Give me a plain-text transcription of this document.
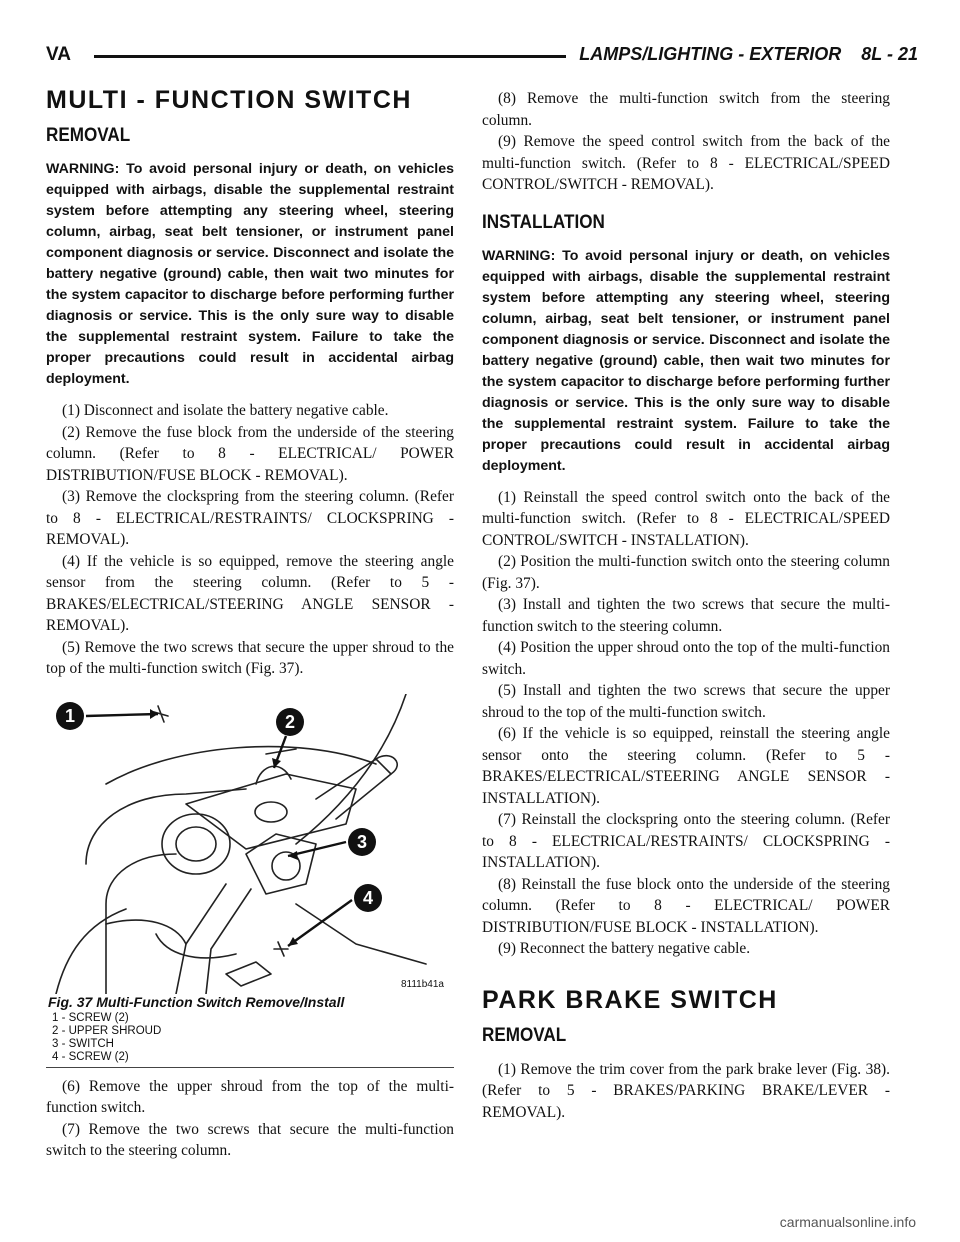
VA	LAMPS/LIGHTING - EXTERIOR    8L - 21
MULTI - FUNCTION SWITCH
REMOVAL

WARNING: To avoid personal injury or death, on vehicles equipped with airbags, disable the supplemental restraint system before attempting any steering wheel, steering column, airbag, seat belt tensioner, or instrument panel component diagnosis or service. Disconnect and isolate the battery negative (ground) cable, then wait two minutes for the system capacitor to discharge before performing further diagnosis or service. This is the only sure way to disable the supplemental restraint system. Failure to take the proper precautions could result in accidental airbag deployment.

(1) Disconnect and isolate the battery negative cable.

(2) Remove the fuse block from the underside of the steering column. (Refer to 8 - ELECTRICAL/ POWER DISTRIBUTION/FUSE BLOCK - REMOVAL).

(3) Remove the clockspring from the steering column. (Refer to 8 - ELECTRICAL/RESTRAINTS/ CLOCKSPRING - REMOVAL).

(4) If the vehicle is so equipped, remove the steering angle sensor from the steering column. (Refer to 5 - BRAKES/ELECTRICAL/STEERING ANGLE SENSOR - REMOVAL).

(5) Remove the two screws that secure the upper shroud to the top of the multi-function switch (Fig. 37).

1	2
3
4
8111b41a
Fig. 37 Multi-Function Switch Remove/Install
1 - SCREW (2)
2 - UPPER SHROUD
3 - SWITCH
4 - SCREW (2)

(6) Remove the upper shroud from the top of the multi-function switch.

(7) Remove the two screws that secure the multi-function switch to the steering column.

(8) Remove the multi-function switch from the steering column.

(9) Remove the speed control switch from the back of the multi-function switch. (Refer to 8 - ELECTRICAL/SPEED CONTROL/SWITCH - REMOVAL).

INSTALLATION

WARNING: To avoid personal injury or death, on vehicles equipped with airbags, disable the supplemental restraint system before attempting any steering wheel, steering column, airbag, seat belt tensioner, or instrument panel component diagnosis or service. Disconnect and isolate the battery negative (ground) cable, then wait two minutes for the system capacitor to discharge before performing further diagnosis or service. This is the only sure way to disable the supplemental restraint system. Failure to take the proper precautions could result in accidental airbag deployment.

(1) Reinstall the speed control switch onto the back of the multi-function switch. (Refer to 8 - ELECTRICAL/SPEED CONTROL/SWITCH - INSTALLATION).

(2) Position the multi-function switch onto the steering column (Fig. 37).

(3) Install and tighten the two screws that secure the multi-function switch to the steering column.

(4) Position the upper shroud onto the top of the multi-function switch.

(5) Install and tighten the two screws that secure the upper shroud to the top of the multi-function switch.

(6) If the vehicle is so equipped, reinstall the steering angle sensor onto the steering column. (Refer to 5 - BRAKES/ELECTRICAL/STEERING ANGLE SENSOR - INSTALLATION).

(7) Reinstall the clockspring onto the steering column. (Refer to 8 - ELECTRICAL/RESTRAINTS/ CLOCKSPRING - INSTALLATION).

(8) Reinstall the fuse block onto the underside of the steering column. (Refer to 8 - ELECTRICAL/ POWER DISTRIBUTION/FUSE BLOCK - INSTALLATION).

(9) Reconnect the battery negative cable.

PARK BRAKE SWITCH
REMOVAL

(1) Remove the trim cover from the park brake lever (Fig. 38). (Refer to 5 - BRAKES/PARKING BRAKE/LEVER - REMOVAL).

carmanualsonline.info
